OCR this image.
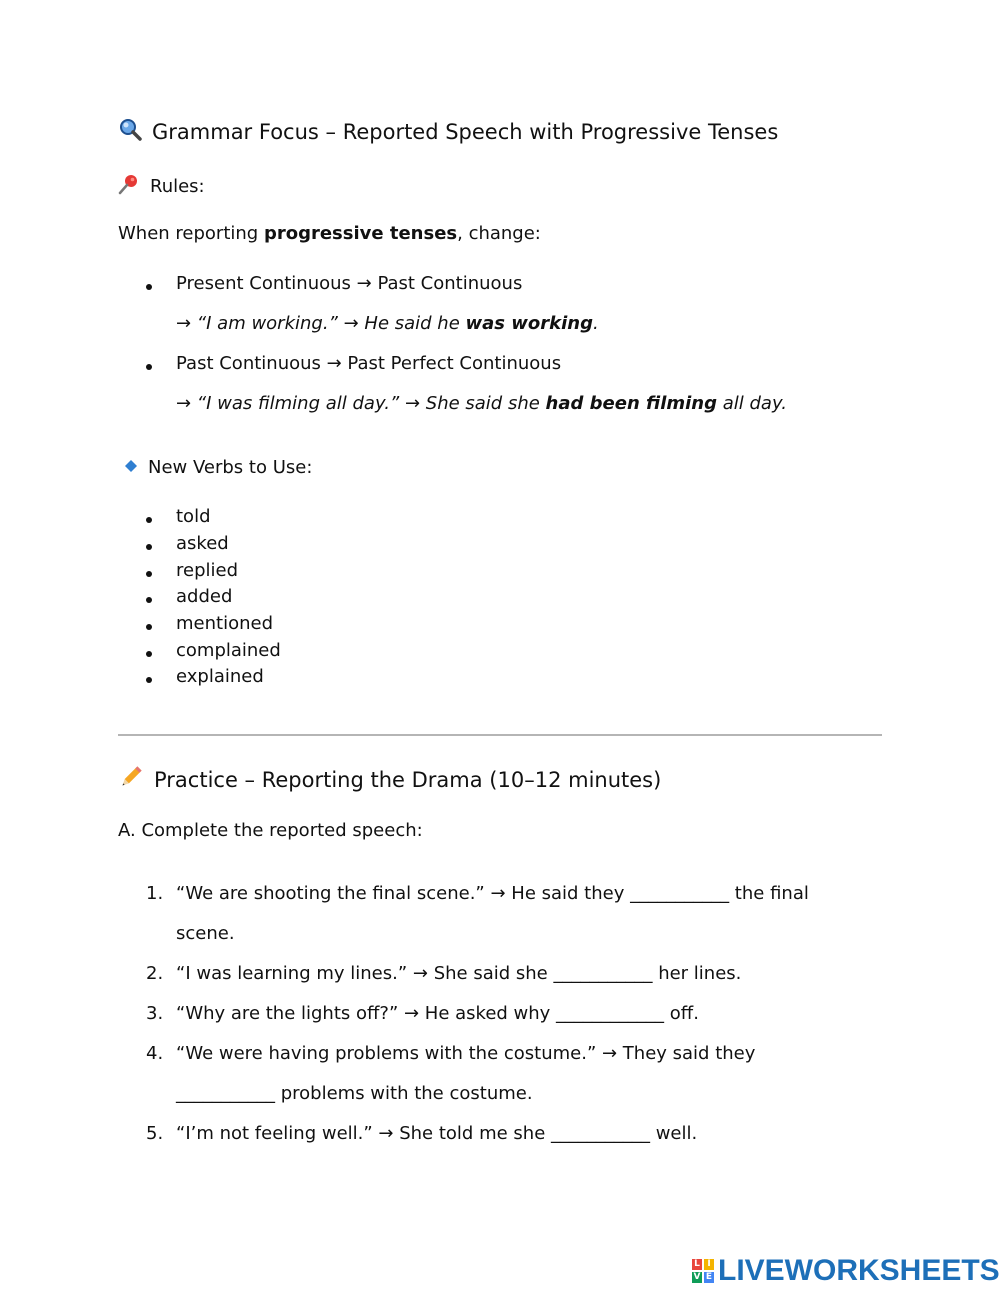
Grammar Focus – Reported Speech with Progressive Tenses
Rules:
When reporting progressive tenses, change:
Present Continuous → Past Continuous
→ “I am working.” → He said he was working.
Past Continuous → Past Perfect Continuous
→ “I was filming all day.” → She said she had been filming all day.
New Verbs to Use:
told
asked
replied
added
mentioned
complained
explained
Practice – Reporting the Drama (10–12 minutes)
A. Complete the reported speech:
1. “We are shooting the final scene.” → He said they ___________ the final
scene.
2. “I was learning my lines.” → She said she ___________ her lines.
3. “Why are the lights off?” → He asked why ____________ off.
4. “We were having problems with the costume.” → They said they
___________ problems with the costume.
5. “I’m not feeling well.” → She told me she ___________ well.
L I
V E LIVEWORKSHEETS
